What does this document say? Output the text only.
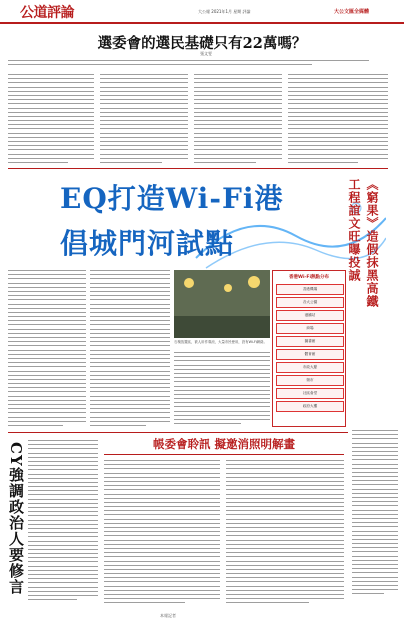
公道評論	大公報 2021年1月 星期 評論	大公文匯全媒體
選委會的選民基礎只有22萬嗎？
張文雯
EQ打造Wi-Fi港
倡城門河試點
石塊放置區，被人用作乘涼，大量市民使用，設有Wi-Fi網絡。
香港Wi-Fi熱點分布
香港機場
各大公園
港鐵站
商場
圖書館
體育館
市政大廈
街市
社區會堂
政府大樓
《窮果》造假抹黑高鐵
工程誼文旺曝投誠
CY強調政治人要修言	帳委會聆訊 擬邀消照明解畫
本報記者
